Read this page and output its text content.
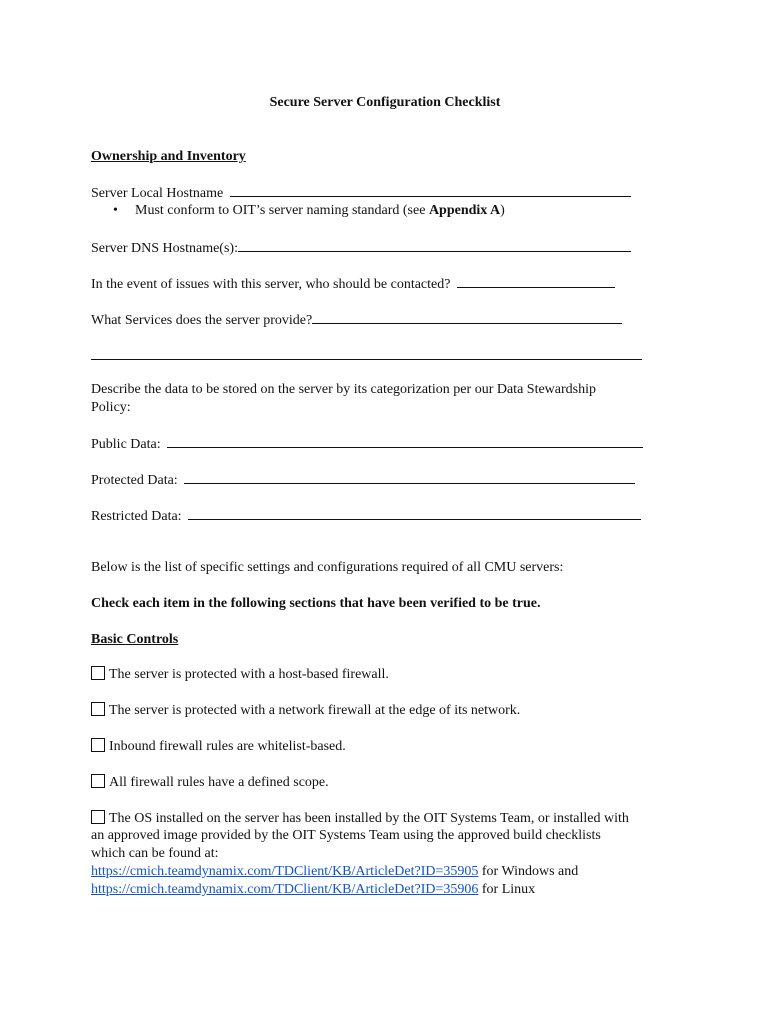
Secure Server Configuration Checklist
Ownership and Inventory
Server Local Hostname
• Must conform to OIT’s server naming standard (see Appendix A)
Server DNS Hostname(s):
In the event of issues with this server, who should be contacted?
What Services does the server provide?
Describe the data to be stored on the server by its categorization per our Data Stewardship
Policy:
Public Data:
Protected Data:
Restricted Data:
Below is the list of specific settings and configurations required of all CMU servers:
Check each item in the following sections that have been verified to be true.
Basic Controls
The server is protected with a host-based firewall.
The server is protected with a network firewall at the edge of its network.
Inbound firewall rules are whitelist-based.
All firewall rules have a defined scope.
The OS installed on the server has been installed by the OIT Systems Team, or installed with
an approved image provided by the OIT Systems Team using the approved build checklists
which can be found at:
https://cmich.teamdynamix.com/TDClient/KB/ArticleDet?ID=35905 for Windows and
https://cmich.teamdynamix.com/TDClient/KB/ArticleDet?ID=35906 for Linux
